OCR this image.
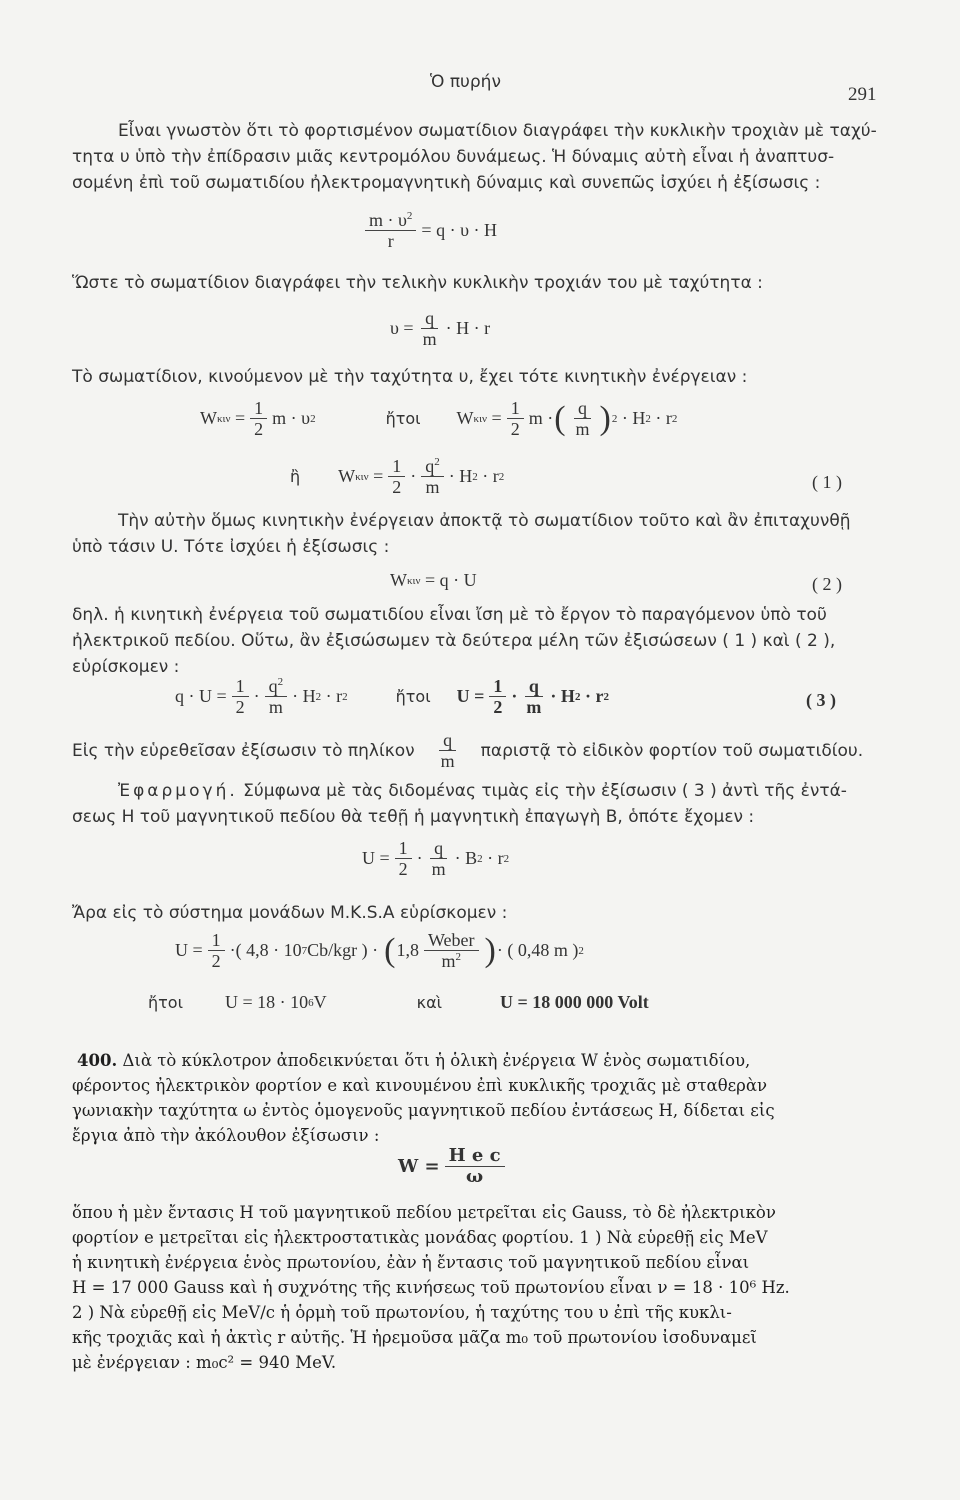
Ὁ πυρήν
291
Εἶναι γνωστὸν ὅτι τὸ φορτισμένον σωματίδιον διαγράφει τὴν κυκλικὴν τροχιὰν μὲ ταχύ-
τητα υ ὑπὸ τὴν ἐπίδρασιν μιᾶς κεντρομόλου δυνάμεως. Ἡ δύναμις αὐτὴ εἶναι ἡ ἀναπτυσ-
σομένη ἐπὶ τοῦ σωματιδίου ἠλεκτρομαγνητικὴ δύναμις καὶ συνεπῶς ἰσχύει ἡ ἐξίσωσις :
$\frac{m \cdot \upsilon^2}{r} = q \cdot \upsilon \cdot H$
Ὥστε τὸ σωματίδιον διαγράφει τὴν τελικὴν κυκλικὴν τροχιάν του μὲ ταχύτητα :
$\upsilon = \frac{q}{m} \cdot H \cdot r$
Τὸ σωματίδιον, κινούμενον μὲ τὴν ταχύτητα υ, ἔχει τότε κινητικὴν ἐνέργειαν :
W κιν
= $\frac{1}{2}$ m · υ 2	ἤτοι W κιν
= $\frac{1}{2}$ m · ( $\frac{q}{m}$ ) 2
· H 2
· r 2
ἢ W κιν
= $\frac{1}{2} \cdot \frac{q^2}{m} \cdot H$ 2
· r 2	( 1 )
Τὴν αὐτὴν ὅμως κινητικὴν ἐνέργειαν ἀποκτᾷ τὸ σωματίδιον τοῦτο καὶ ἂν ἐπιταχυνθῇ
ὑπὸ τάσιν U. Τότε ἰσχύει ἡ ἐξίσωσις :
W κιν
= q · U	( 2 )
δηλ. ἡ κινητικὴ ἐνέργεια τοῦ σωματιδίου εἶναι ἴση μὲ τὸ ἔργον τὸ παραγόμενον ὑπὸ τοῦ
ἠλεκτρικοῦ πεδίου. Οὕτω, ἂν ἐξισώσωμεν τὰ δεύτερα μέλη τῶν ἐξισώσεων ( 1 ) καὶ ( 2 ),
εὑρίσκομεν :
$q \cdot U = \frac{1}{2} \cdot \frac{q^2}{m} \cdot H$ 2
· r 2	ἤτοι $U = \frac{1}{2} \cdot \frac{q}{m} \cdot H$ 2
· r 2	( 3 )
Εἰς τὴν εὑρεθεῖσαν ἐξίσωσιν τὸ πηλίκον $\frac{q}{m}$ παριστᾷ τὸ εἰδικὸν φορτίον τοῦ σωματιδίου.
Ἐφαρμογή. Σύμφωνα μὲ τὰς διδομένας τιμὰς εἰς τὴν ἐξίσωσιν ( 3 ) ἀντὶ τῆς ἐντά-
σεως H τοῦ μαγνητικοῦ πεδίου θὰ τεθῇ ἡ μαγνητικὴ ἐπαγωγὴ B, ὁπότε ἔχομεν :
$U = \frac{1}{2} \cdot \frac{q}{m} \cdot B$ 2
· r 2
Ἄρα εἰς τὸ σύστημα μονάδων M.K.S.A εὑρίσκομεν :
$U = \frac{1}{2}$ ·( 4,8 · 10 7 Cb/kgr ) · ( $1,8 \frac{\text{Weber}}{m^2}$ ) · ( 0,48 m ) 2
ἤτοι U = 18 · 10 6 V	καὶ	U = 18 000 000 Volt
400. Διὰ τὸ κύκλοτρον ἀποδεικνύεται ὅτι ἡ ὁλικὴ ἐνέργεια W ἑνὸς σωματιδίου,
φέροντος ἠλεκτρικὸν φορτίον e καὶ κινουμένου ἐπὶ κυκλικῆς τροχιᾶς μὲ σταθερὰν
γωνιακὴν ταχύτητα ω ἐντὸς ὁμογενοῦς μαγνητικοῦ πεδίου ἐντάσεως H, δίδεται εἰς
ἔργια ἀπὸ τὴν ἀκόλουθον ἐξίσωσιν :
$W = \frac{\text{H e c}}{\omega}$
ὅπου ἡ μὲν ἔντασις H τοῦ μαγνητικοῦ πεδίου μετρεῖται εἰς Gauss, τὸ δὲ ἠλεκτρικὸν
φορτίον e μετρεῖται εἰς ἠλεκτροστατικὰς μονάδας φορτίου. 1 ) Νὰ εὑρεθῇ εἰς MeV
ἡ κινητικὴ ἐνέργεια ἑνὸς πρωτονίου, ἐὰν ἡ ἔντασις τοῦ μαγνητικοῦ πεδίου εἶναι
H = 17 000 Gauss καὶ ἡ συχνότης τῆς κινήσεως τοῦ πρωτονίου εἶναι ν = 18 · 10⁶ Hz.
2 ) Νὰ εὑρεθῇ εἰς MeV/c ἡ ὁρμὴ τοῦ πρωτονίου, ἡ ταχύτης του υ ἐπὶ τῆς κυκλι-
κῆς τροχιᾶς καὶ ἡ ἀκτὶς r αὐτῆς. Ἡ ἠρεμοῦσα μᾶζα m₀ τοῦ πρωτονίου ἰσοδυναμεῖ
μὲ ἐνέργειαν : m₀c² = 940 MeV.
